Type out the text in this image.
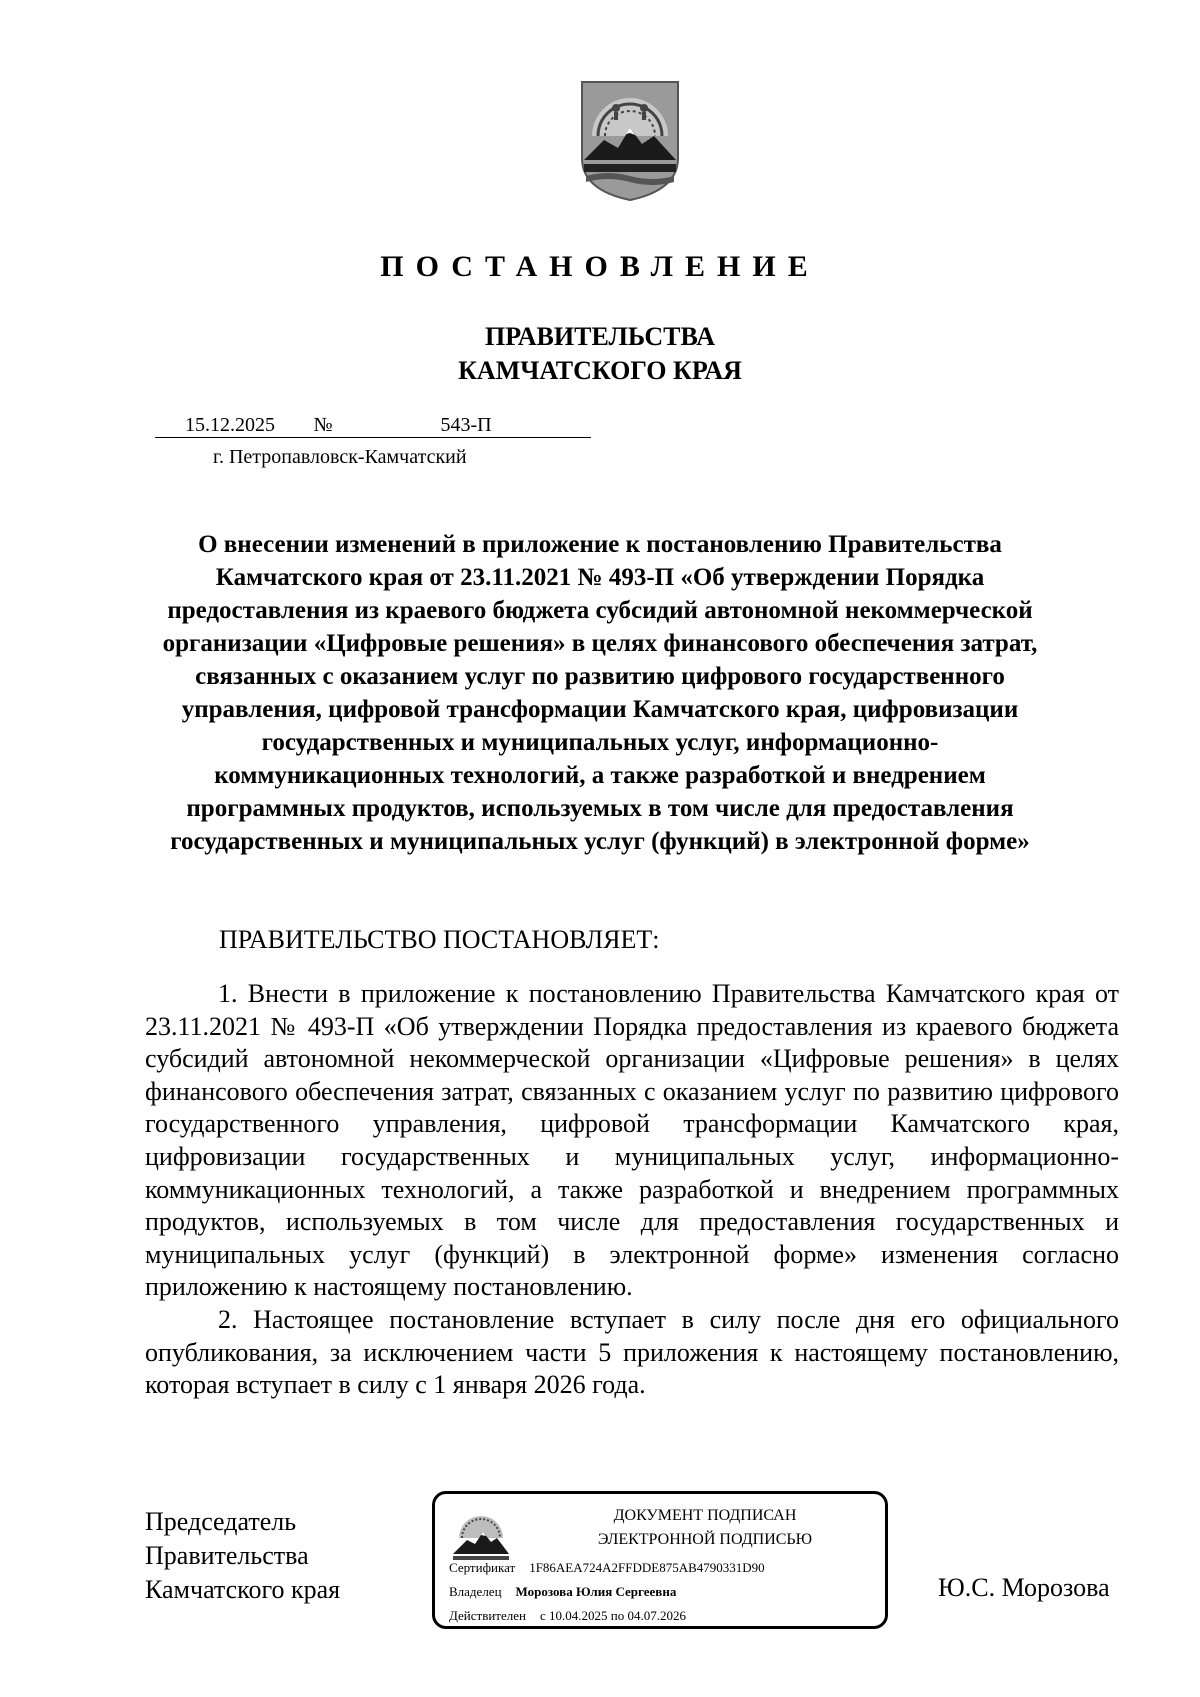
ПОСТАНОВЛЕНИЕ
ПРАВИТЕЛЬСТВА
КАМЧАТСКОГО КРАЯ
15.12.2025 №	543-П
г. Петропавловск-Камчатский
О внесении изменений в приложение к постановлению Правительства Камчатского края от 23.11.2021 № 493-П «Об утверждении Порядка предоставления из краевого бюджета субсидий автономной некоммерческой организации «Цифровые решения» в целях финансового обеспечения затрат, связанных с оказанием услуг по развитию цифрового государственного управления, цифровой трансформации Камчатского края, цифровизации государственных и муниципальных услуг, информационно-коммуникационных технологий, а также разработкой и внедрением программных продуктов, используемых в том числе для предоставления государственных и муниципальных услуг (функций) в электронной форме»
ПРАВИТЕЛЬСТВО ПОСТАНОВЛЯЕТ:

1. Внести в приложение к постановлению Правительства Камчатского края от 23.11.2021 № 493-П «Об утверждении Порядка предоставления из краевого бюджета субсидий автономной некоммерческой организации «Цифровые решения» в целях финансового обеспечения затрат, связанных с оказанием услуг по развитию цифрового государственного управления, цифровой трансформации Камчатского края, цифровизации государственных и муниципальных услуг, информационно-коммуникационных технологий, а также разработкой и внедрением программных продуктов, используемых в том числе для предоставления государственных и муниципальных услуг (функций) в электронной форме» изменения согласно приложению к настоящему постановлению.

2. Настоящее постановление вступает в силу после дня его официального опубликования, за исключением части 5 приложения к настоящему постановлению, которая вступает в силу с 1 января 2026 года.

Председатель
Правительства
Камчатского края
ДОКУМЕНТ ПОДПИСАН
ЭЛЕКТРОННОЙ ПОДПИСЬЮ
Сертификат 1F86AEA724A2FFDDE875AB4790331D90
Владелец Морозова Юлия Сергеевна
Действителен с 10.04.2025 по 04.07.2026
Ю.С. Морозова
